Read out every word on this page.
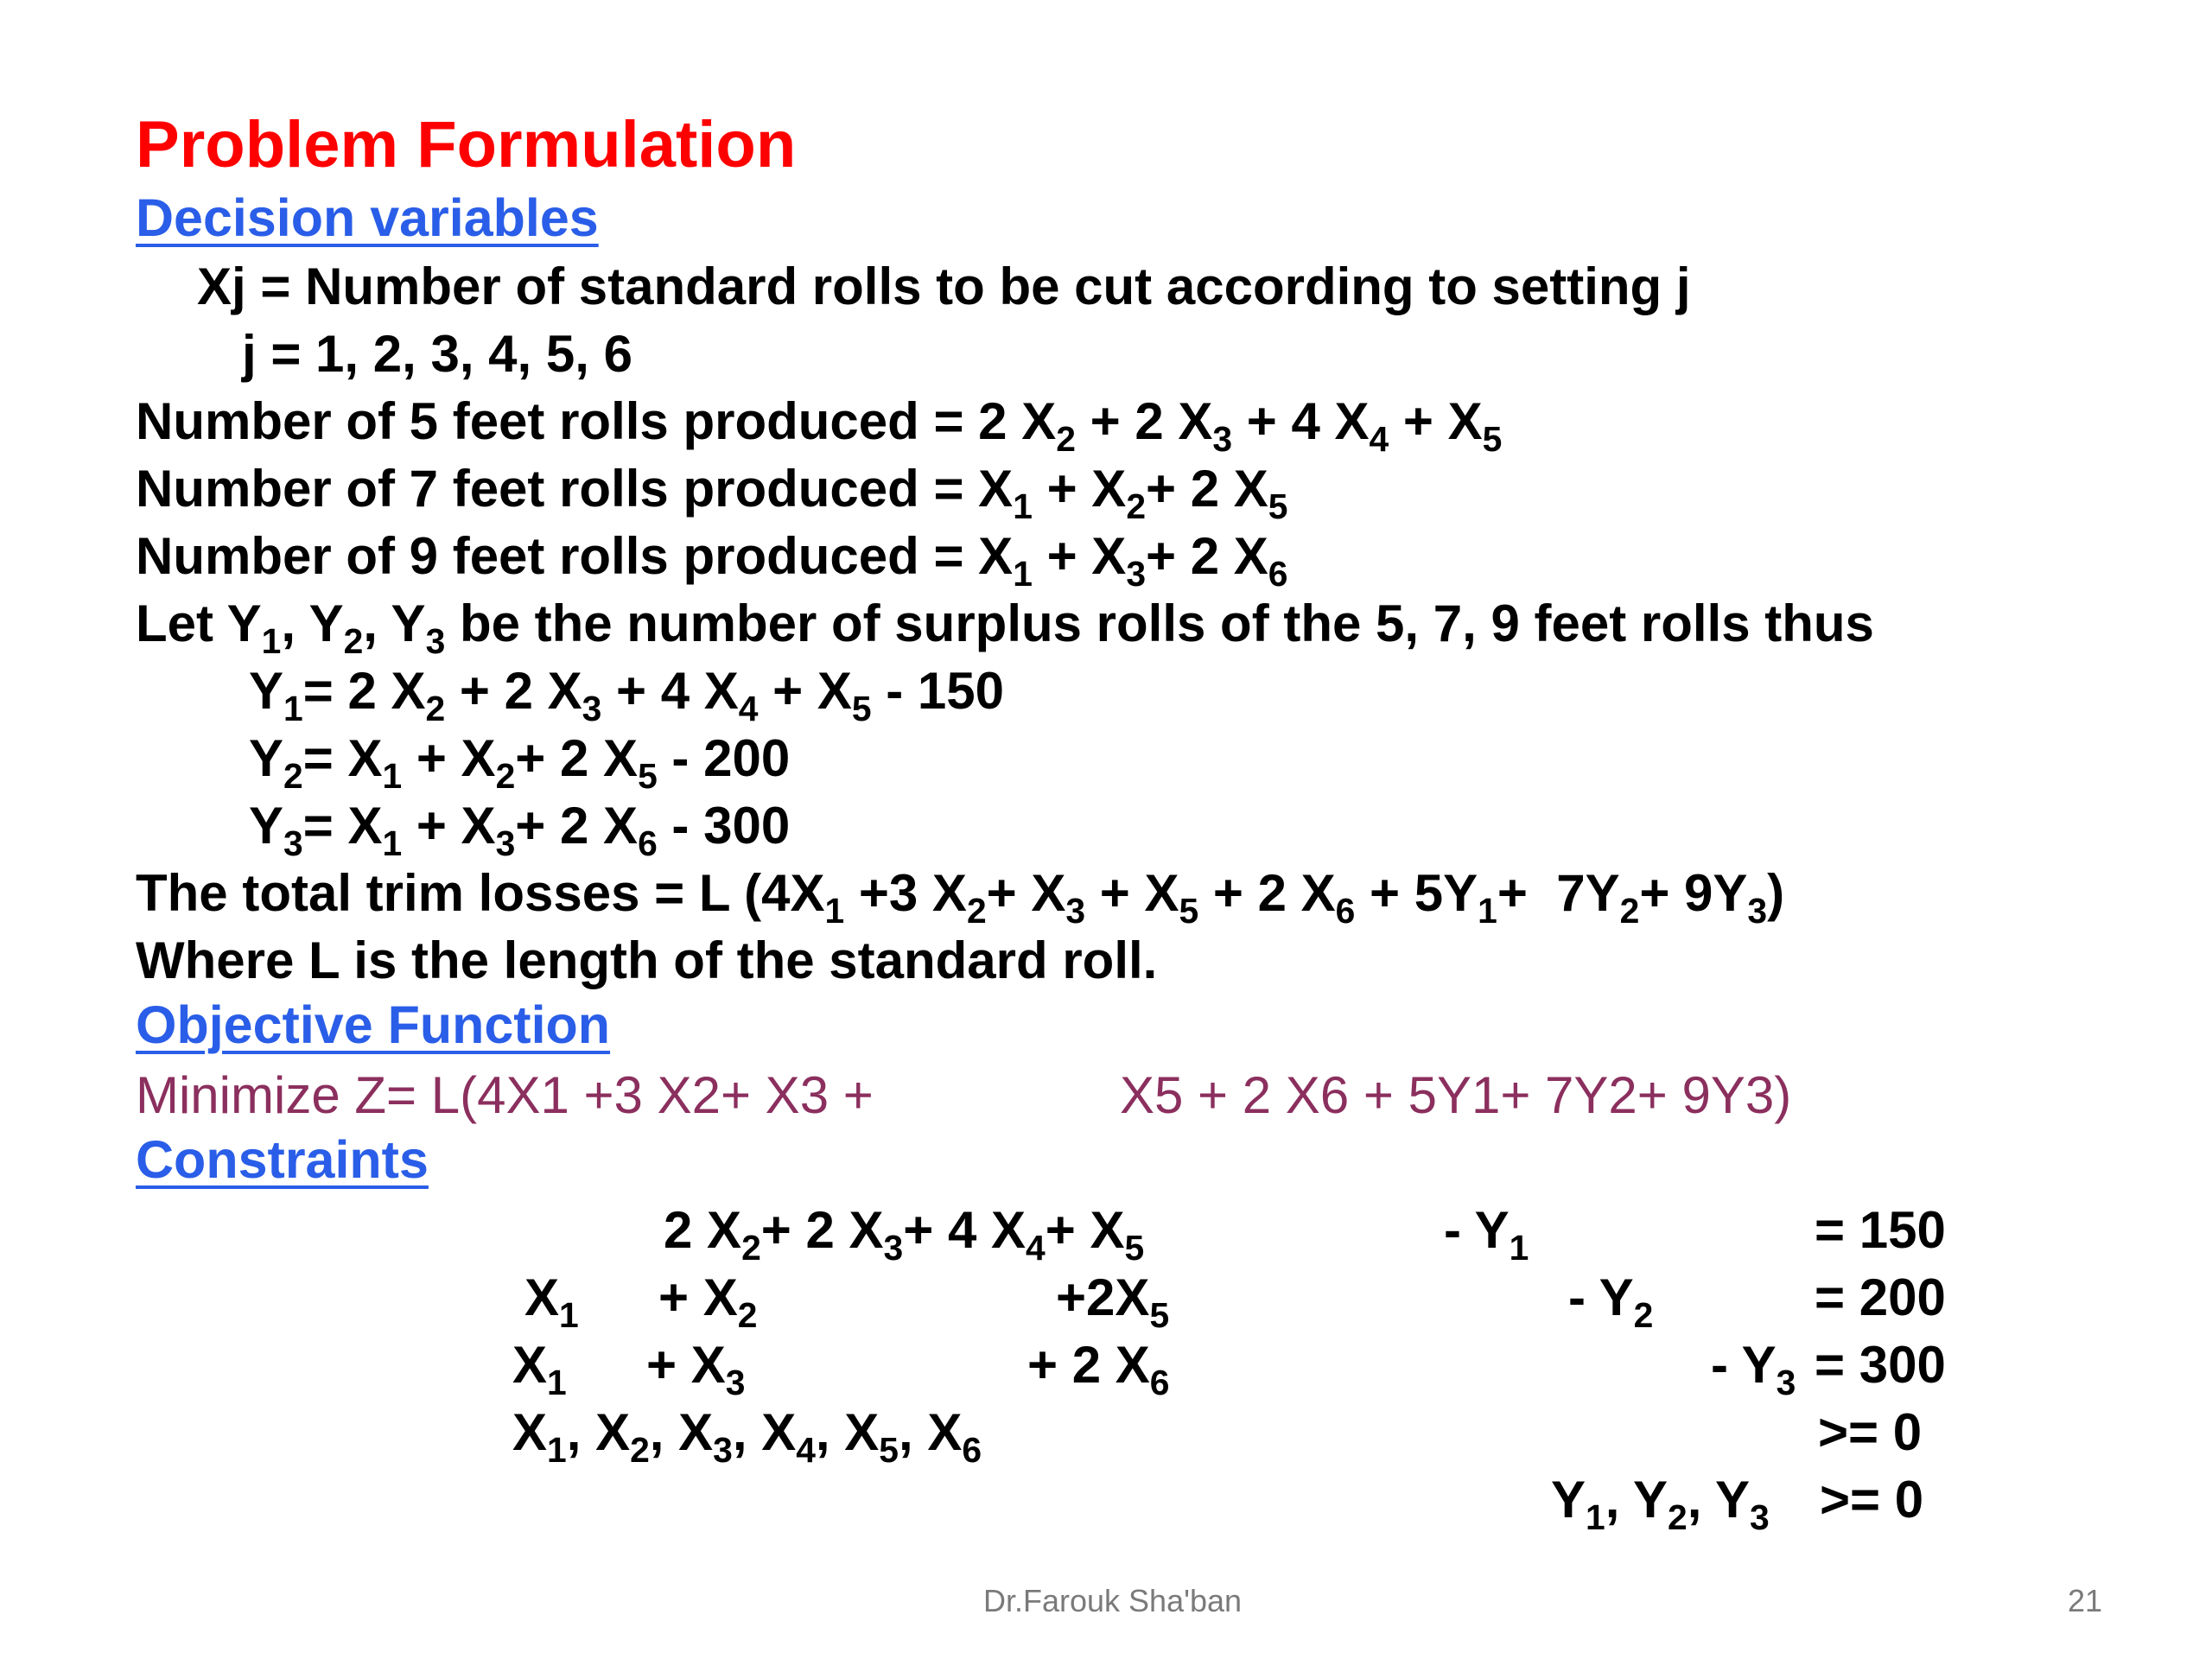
Problem Formulation
Decision variables
Xj = Number of standard rolls to be cut according to setting j
j = 1, 2, 3, 4, 5, 6
Number of 5 feet rolls produced = 2 $X_2 + 2$ $X_3 + 4$ $X_4 + X_5$
Number of 7 feet rolls produced = $X_1 + X_2+ 2$ $X_5$
Number of 9 feet rolls produced = $X_1 + X_3+ 2$ $X_6$
Let $Y_1$, $Y_2$, $Y_3$ be the number of surplus rolls of the 5, 7, 9 feet rolls thus
$Y_1= 2$ $X_2 + 2$ $X_3 + 4$ $X_4 + X_5 - 150$
$Y_2= X_1 + X_2+ 2$ $X_5 - 200$
$Y_3= X_1 + X_3+ 2$ $X_6 - 300$
The total trim losses = L ($4X_1 +3$ $X_2+ X_3 + X_5 + 2$ $X_6 + 5Y_1+ 7Y_2+ 9Y_3$)
Where L is the length of the standard roll.
Objective Function
Minimize Z= L(4X1 +3 X2+ X3 +	X5 + 2 X6 + 5Y1+ 7Y2+ 9Y3)
Constraints
2 $X_2+ 2$ $X_3+ 4$ $X_4+ X_5$	- $Y_1$	= 150
$X_1 + X_2$	$+2X_5$	- $Y_2$	= 200
$X_1 + X_3$	+ 2 $X_6$	- $Y_3 = 300$
$X_1$, $X_2$, $X_3$, $X_4$, $X_5$, $X_6$	>= 0
$Y_1$, $Y_2$, $Y_3 >= 0$
Dr.Farouk Sha'ban	21
